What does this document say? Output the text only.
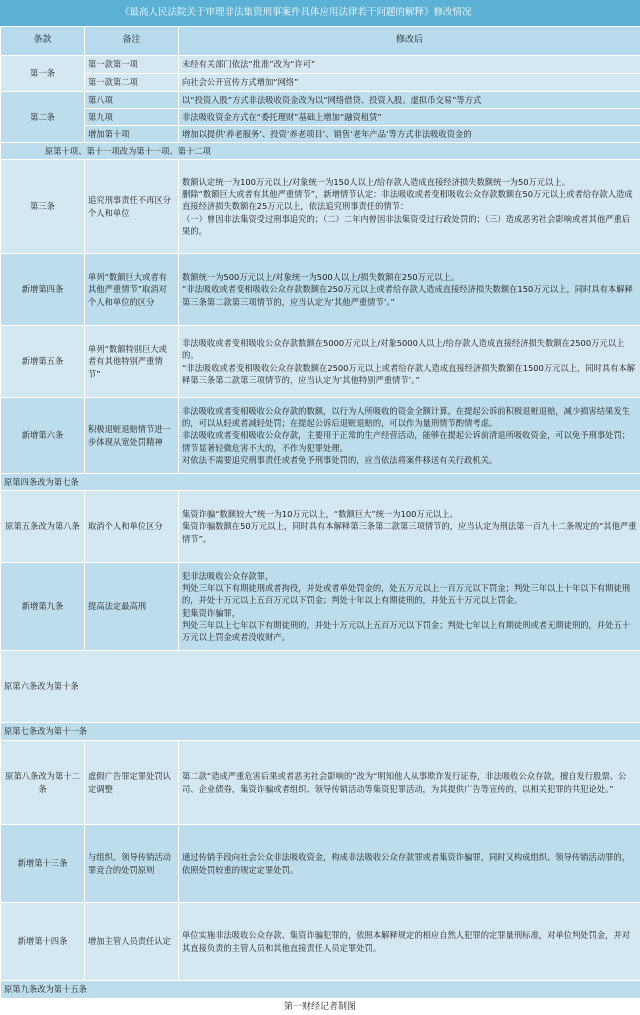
《最高人民法院关于审理非法集资刑事案件具体应用法律若干问题的解释》修改情况
条款	备注	修改后
第一条	第一款第一项	未经有关部门依法“批准”改为“许可”
	第一款第二项	向社会公开宣传方式增加“网络”
第二条	第八项	以“投资入股”方式非法吸收资金改为以“网络借贷、投资入股、虚拟币交易”等方式
	第九项	非法吸收资金方式在“委托理财”基础上增加“融资租赁”
	增加第十项	增加以提供‘养老服务’、投资‘养老项目’、销售‘老年产品’等方式非法吸收资金的
原第十项、第十一项改为第十一项、第十二项		
第三条	追究刑事责任不再区分个人和单位	数额认定统一为100万元以上/对象统一为150人以上/给存款人造成直接经济损失数额统一为50万元以上。

删除“数额巨大或者有其他严重情节”，新增情节认定：非法吸收或者变相吸收公众存款数额在50万元以上或者给存款人造成直接经济损失数额在25万元以上，依法追究刑事责任的情节：

（一）曾因非法集资受过刑事追究的；（二）二年内曾因非法集资受过行政处罚的；（三）造成恶劣社会影响或者其他严重后果的。

新增第四条	单列“数额巨大或者有其他严重情节”取消对个人和单位的区分	数额统一为500万元以上/对象统一为500人以上/损失数额在250万元以上。

“非法吸收或者变相吸收公众存款数额在250万元以上或者给存款人造成直接经济损失数额在150万元以上，同时具有本解释第三条第二款第三项情节的，应当认定为‘其他严重情节’。”

新增第五条	单列“数额特别巨大或者有其他特别严重情节”	非法吸收或者变相吸收公众存款数额在5000万元以上/对象5000人以上/给存款人造成直接经济损失数额在2500万元以上的。

“非法吸收或者变相吸收公众存款数额在2500万元以上或者给存款人造成直接经济损失数额在1500万元以上，同时具有本解释第三条第二款第三项情节的，应当认定为‘其他特别严重情节’。”

新增第六条	积极退赃退赔情节进一步体现从宽处罚精神	非法吸收或者变相吸收公众存款的数额，以行为人所吸收的资金全额计算。在提起公诉前积极退赃退赔，减少损害结果发生的，可以从轻或者减轻处罚；在提起公诉后退赃退赔的，可以作为量刑情节酌情考虑。

非法吸收或者变相吸收公众存款，主要用于正常的生产经营活动，能够在提起公诉前清退所吸收资金，可以免予刑事处罚；情节显著轻微危害不大的，不作为犯罪处理。

对依法不需要追究刑事责任或者免予刑事处罚的，应当依法将案件移送有关行政机关。

原第四条改为第七条		
原第五条改为第八条	取消个人和单位区分	集资诈骗“数额较大”统一为10万元以上，“数额巨大”统一为100万元以上。

集资诈骗数额在50万元以上，同时具有本解释第三条第二款第三项情节的，应当认定为刑法第一百九十二条规定的“其他严重情节”。

新增第九条	提高法定最高刑	犯非法吸收公众存款罪，

判处三年以下有期徒刑或者拘役，并处或者单处罚金的，处五万元以上一百万元以下罚金；判处三年以上十年以下有期徒刑的，并处十万元以上五百万元以下罚金；判处十年以上有期徒刑的，并处五十万元以上罚金。

犯集资诈骗罪，

判处三年以上七年以下有期徒刑的，并处十万元以上五百万元以下罚金；判处七年以上有期徒刑或者无期徒刑的，并处五十万元以上罚金或者没收财产。

原第六条改为第十条		
原第七条改为第十一条		
原第八条改为第十二条	虚假广告罪定罪处罚认定调整	第二款“造成严重危害后果或者恶劣社会影响的”改为“明知他人从事欺诈发行证券，非法吸收公众存款，擅自发行股票、公司、企业债券，集资诈骗或者组织、领导传销活动等集资犯罪活动，为其提供广告等宣传的，以相关犯罪的共犯论处。”

新增第十三条	与组织、领导传销活动罪竞合的处罚原则	通过传销手段向社会公众非法吸收资金，构成非法吸收公众存款罪或者集资诈骗罪，同时又构成组织、领导传销活动罪的，依照处罚较重的规定定罪处罚。

新增第十四条	增加主管人员责任认定	单位实施非法吸收公众存款、集资诈骗犯罪的，依照本解释规定的相应自然人犯罪的定罪量刑标准，对单位判处罚金，并对其直接负责的主管人员和其他直接责任人员定罪处罚。

原第九条改为第十五条		
第一财经记者制图
